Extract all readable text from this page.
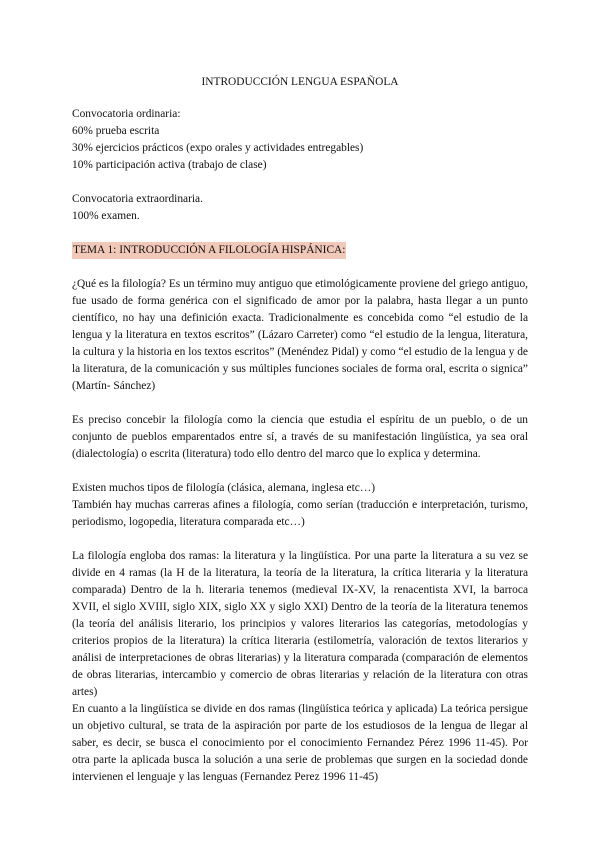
INTRODUCCIÓN LENGUA ESPAÑOLA

Convocatoria ordinaria:

60% prueba escrita

30% ejercicios prácticos (expo orales y actividades entregables)

10% participación activa (trabajo de clase)

Convocatoria extraordinaria.

100% examen.

TEMA 1: INTRODUCCIÓN A FILOLOGÍA HISPÁNICA:

¿Qué es la filología? Es un término muy antiguo que etimológicamente proviene del griego antiguo, fue usado de forma genérica con el significado de amor por la palabra, hasta llegar a un punto científico, no hay una definición exacta. Tradicionalmente es concebida como “el estudio de la lengua y la literatura en textos escritos” (Lázaro Carreter) como “el estudio de la lengua, literatura, la cultura y la historia en los textos escritos” (Menéndez Pidal) y como “el estudio de la lengua y de la literatura, de la comunicación y sus múltiples funciones sociales de forma oral, escrita o signica” (Martín- Sánchez)

Es preciso concebir la filología como la ciencia que estudia el espíritu de un pueblo, o de un conjunto de pueblos emparentados entre sí, a través de su manifestación lingüística, ya sea oral (dialectología) o escrita (literatura) todo ello dentro del marco que lo explica y determina.

Existen muchos tipos de filología (clásica, alemana, inglesa etc…)

También hay muchas carreras afines a filología, como serían (traducción e interpretación, turismo, periodismo, logopedia, literatura comparada etc…)

La filología engloba dos ramas: la literatura y la lingüística. Por una parte la literatura a su vez se divide en 4 ramas (la H de la literatura, la teoría de la literatura, la crítica literaria y la literatura comparada) Dentro de la h. literaria tenemos (medieval IX-XV, la renacentista XVI, la barroca XVII, el siglo XVIII, siglo XIX, siglo XX y siglo XXI) Dentro de la teoría de la literatura tenemos (la teoría del análisis literario, los principios y valores literarios las categorías, metodologías y criterios propios de la literatura) la crítica literaria (estilometría, valoración de textos literarios y análisi de interpretaciones de obras literarias) y la literatura comparada (comparación de elementos de obras literarias, intercambio y comercio de obras literarias y relación de la literatura con otras artes)

En cuanto a la lingüística se divide en dos ramas (lingüística teórica y aplicada) La teórica persigue un objetivo cultural, se trata de la aspiración por parte de los estudiosos de la lengua de llegar al saber, es decir, se busca el conocimiento por el conocimiento Fernandez Pérez 1996 11-45). Por otra parte la aplicada busca la solución a una serie de problemas que surgen en la sociedad donde intervienen el lenguaje y las lenguas (Fernandez Perez 1996 11-45)
